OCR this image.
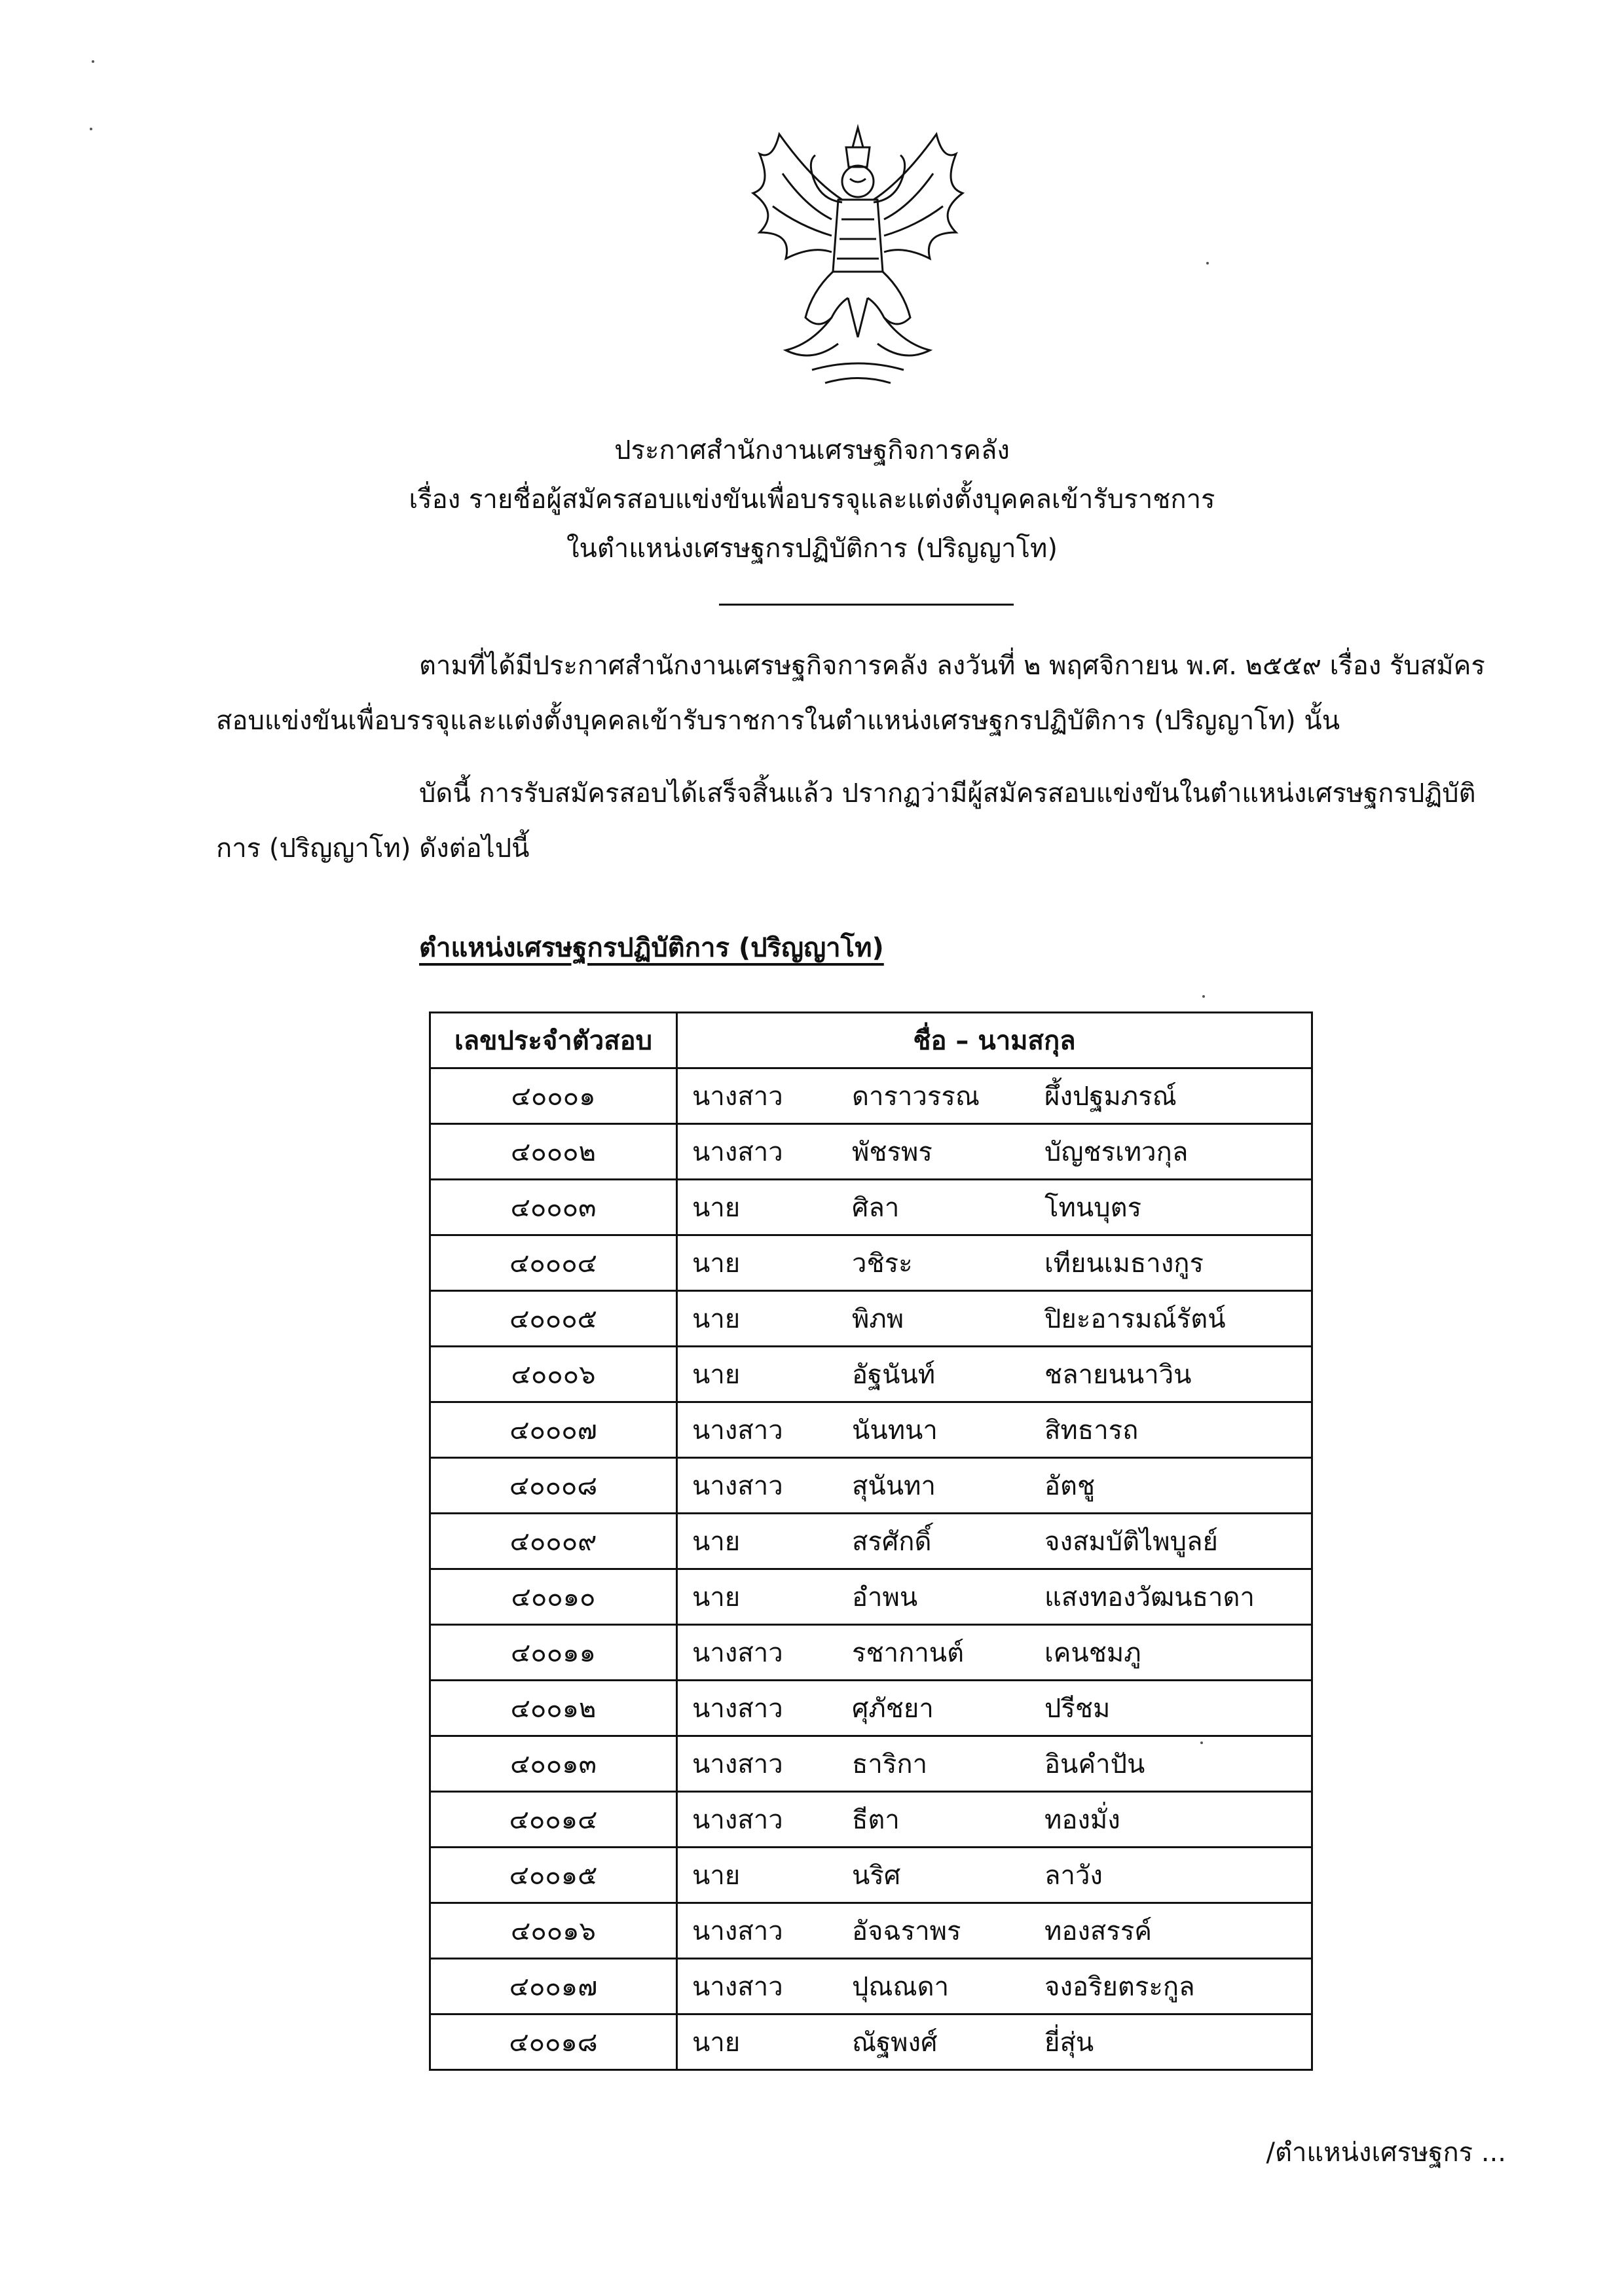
ประกาศสำนักงานเศรษฐกิจการคลัง
เรื่อง รายชื่อผู้สมัครสอบแข่งขันเพื่อบรรจุและแต่งตั้งบุคคลเข้ารับราชการ
ในตำแหน่งเศรษฐกรปฏิบัติการ (ปริญญาโท)
ตามที่ได้มีประกาศสำนักงานเศรษฐกิจการคลัง ลงวันที่ ๒ พฤศจิกายน พ.ศ. ๒๕๕๙ เรื่อง รับสมัครสอบแข่งขันเพื่อบรรจุและแต่งตั้งบุคคลเข้ารับราชการในตำแหน่งเศรษฐกรปฏิบัติการ (ปริญญาโท) นั้น
บัดนี้ การรับสมัครสอบได้เสร็จสิ้นแล้ว ปรากฏว่ามีผู้สมัครสอบแข่งขันในตำแหน่งเศรษฐกรปฏิบัติการ (ปริญญาโท) ดังต่อไปนี้
ตำแหน่งเศรษฐกรปฏิบัติการ (ปริญญาโท)
เลขประจำตัวสอบ	ชื่อ – นามสกุล		
๔๐๐๐๑	นางสาว	ดาราวรรณ	ผึ้งปฐมภรณ์
๔๐๐๐๒	นางสาว	พัชรพร	บัญชรเทวกุล
๔๐๐๐๓	นาย	ศิลา	โทนบุตร
๔๐๐๐๔	นาย	วชิระ	เทียนเมธางกูร
๔๐๐๐๕	นาย	พิภพ	ปิยะอารมณ์รัตน์
๔๐๐๐๖	นาย	อัฐนันท์	ชลายนนาวิน
๔๐๐๐๗	นางสาว	นันทนา	สิทธารถ
๔๐๐๐๘	นางสาว	สุนันทา	อัตชู
๔๐๐๐๙	นาย	สรศักดิ์	จงสมบัติไพบูลย์
๔๐๐๑๐	นาย	อำพน	แสงทองวัฒนธาดา
๔๐๐๑๑	นางสาว	รชากานต์	เคนชมภู
๔๐๐๑๒	นางสาว	ศุภัชยา	ปรีชม
๔๐๐๑๓	นางสาว	ธาริกา	อินคำปัน
๔๐๐๑๔	นางสาว	ธีตา	ทองมั่ง
๔๐๐๑๕	นาย	นริศ	ลาวัง
๔๐๐๑๖	นางสาว	อัจฉราพร	ทองสรรค์
๔๐๐๑๗	นางสาว	ปุณณดา	จงอริยตระกูล
๔๐๐๑๘	นาย	ณัฐพงศ์	ยี่สุ่น
/ตำแหน่งเศรษฐกร ...
